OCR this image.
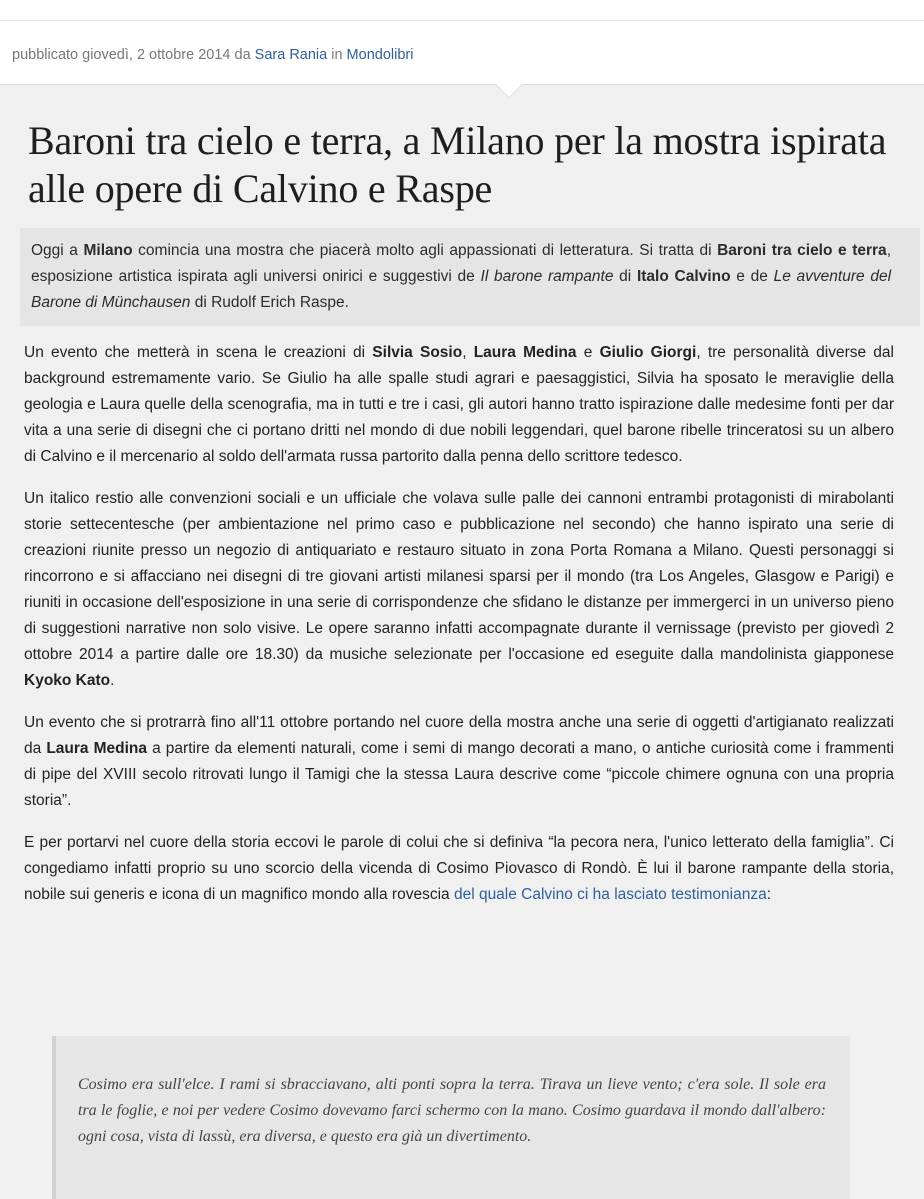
pubblicato giovedì, 2 ottobre 2014 da Sara Rania in Mondolibri
Baroni tra cielo e terra, a Milano per la mostra ispirata alle opere di Calvino e Raspe

Oggi a Milano comincia una mostra che piacerà molto agli appassionati di letteratura. Si tratta di Baroni tra cielo e terra, esposizione artistica ispirata agli universi onirici e suggestivi de Il barone rampante di Italo Calvino e de Le avventure del Barone di Münchausen di Rudolf Erich Raspe.

Un evento che metterà in scena le creazioni di Silvia Sosio, Laura Medina e Giulio Giorgi, tre personalità diverse dal background estremamente vario. Se Giulio ha alle spalle studi agrari e paesaggistici, Silvia ha sposato le meraviglie della geologia e Laura quelle della scenografia, ma in tutti e tre i casi, gli autori hanno tratto ispirazione dalle medesime fonti per dar vita a una serie di disegni che ci portano dritti nel mondo di due nobili leggendari, quel barone ribelle trinceratosi su un albero di Calvino e il mercenario al soldo dell'armata russa partorito dalla penna dello scrittore tedesco.

Un italico restio alle convenzioni sociali e un ufficiale che volava sulle palle dei cannoni entrambi protagonisti di mirabolanti storie settecentesche (per ambientazione nel primo caso e pubblicazione nel secondo) che hanno ispirato una serie di creazioni riunite presso un negozio di antiquariato e restauro situato in zona Porta Romana a Milano. Questi personaggi si rincorrono e si affacciano nei disegni di tre giovani artisti milanesi sparsi per il mondo (tra Los Angeles, Glasgow e Parigi) e riuniti in occasione dell'esposizione in una serie di corrispondenze che sfidano le distanze per immergerci in un universo pieno di suggestioni narrative non solo visive. Le opere saranno infatti accompagnate durante il vernissage (previsto per giovedì 2 ottobre 2014 a partire dalle ore 18.30) da musiche selezionate per l'occasione ed eseguite dalla mandolinista giapponese Kyoko Kato.

Un evento che si protrarrà fino all'11 ottobre portando nel cuore della mostra anche una serie di oggetti d'artigianato realizzati da Laura Medina a partire da elementi naturali, come i semi di mango decorati a mano, o antiche curiosità come i frammenti di pipe del XVIII secolo ritrovati lungo il Tamigi che la stessa Laura descrive come “piccole chimere ognuna con una propria storia”.

E per portarvi nel cuore della storia eccovi le parole di colui che si definiva “la pecora nera, l'unico letterato della famiglia”. Ci congediamo infatti proprio su uno scorcio della vicenda di Cosimo Piovasco di Rondò. È lui il barone rampante della storia, nobile sui generis e icona di un magnifico mondo alla rovescia del quale Calvino ci ha lasciato testimonianza:

Cosimo era sull'elce. I rami si sbracciavano, alti ponti sopra la terra. Tirava un lieve vento; c'era sole. Il sole era tra le foglie, e noi per vedere Cosimo dovevamo farci schermo con la mano. Cosimo guardava il mondo dall'albero: ogni cosa, vista di lassù, era diversa, e questo era già un divertimento.
